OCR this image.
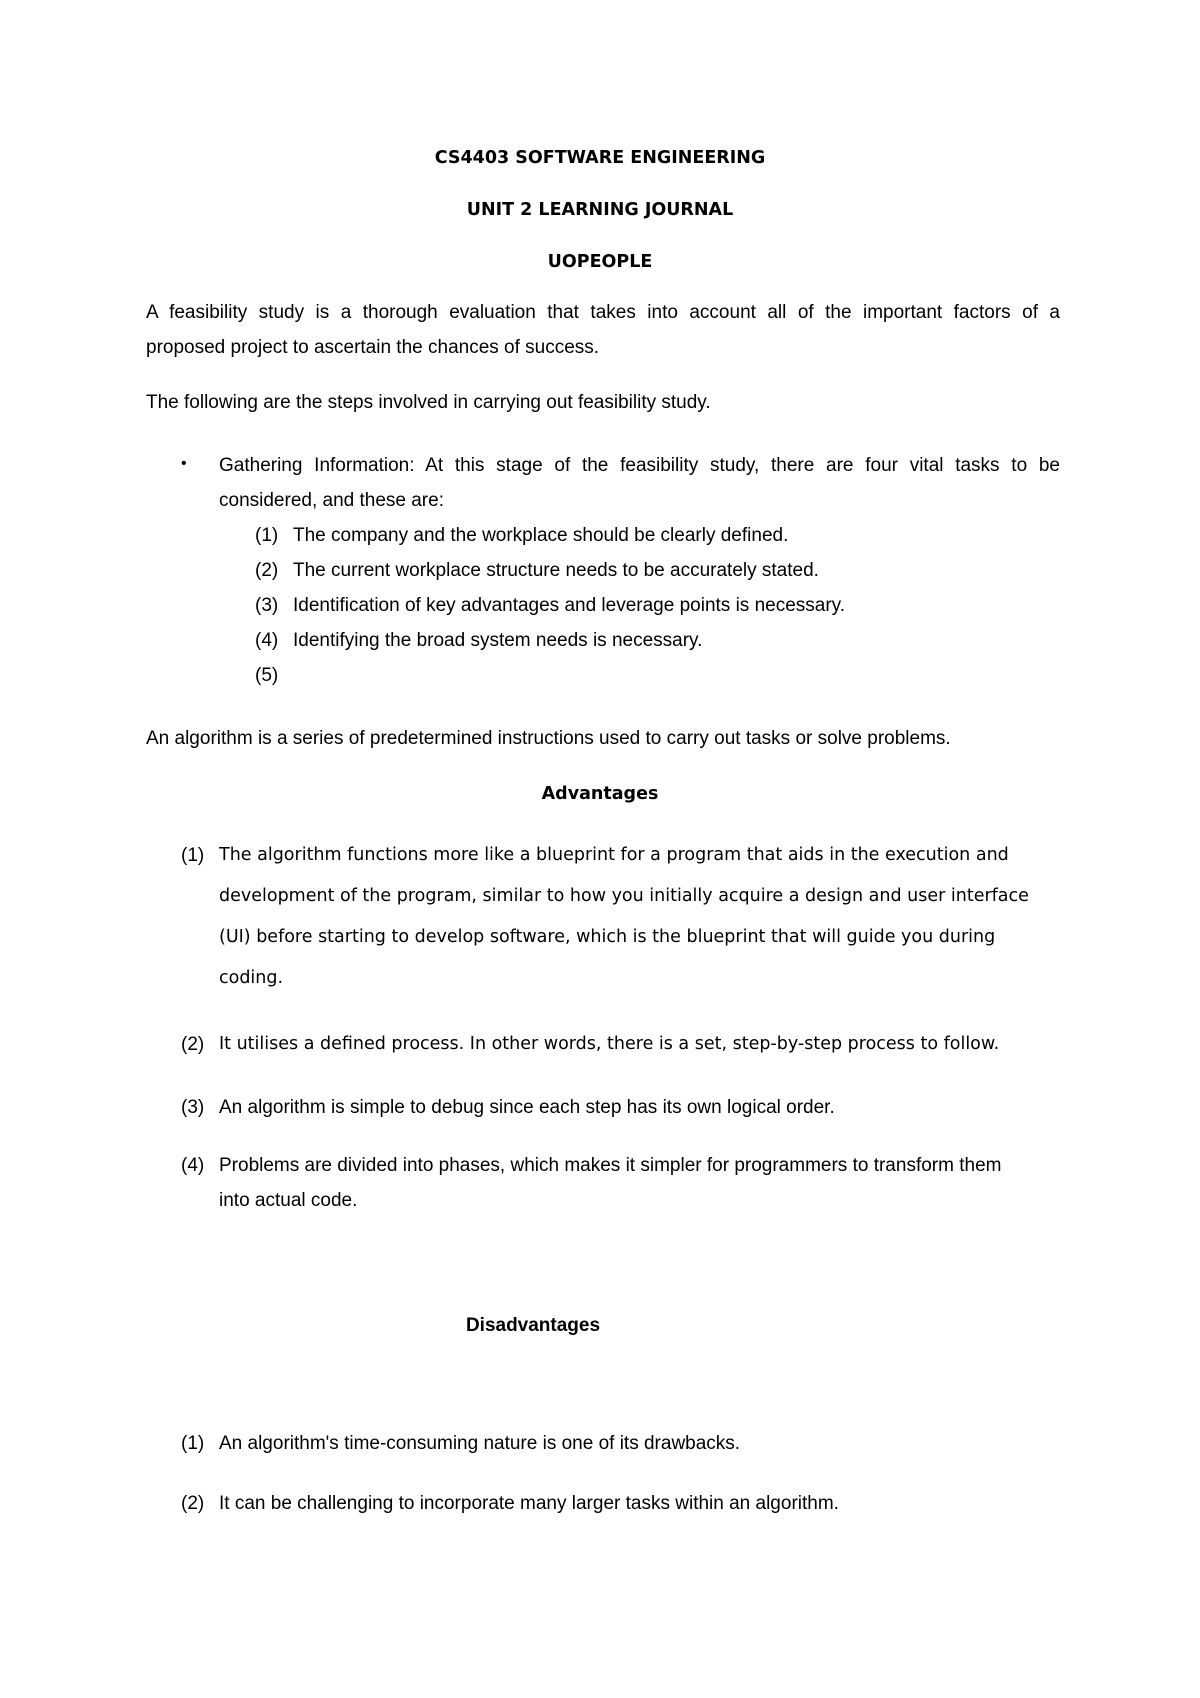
CS4403 SOFTWARE ENGINEERING
UNIT 2 LEARNING JOURNAL
UOPEOPLE
A feasibility study is a thorough evaluation that takes into account all of the important factors of a
proposed project to ascertain the chances of success.
The following are the steps involved in carrying out feasibility study.
• Gathering Information: At this stage of the feasibility study, there are four vital tasks to be
considered, and these are:
(1) The company and the workplace should be clearly defined.
(2) The current workplace structure needs to be accurately stated.
(3) Identification of key advantages and leverage points is necessary.
(4) Identifying the broad system needs is necessary.
(5)
An algorithm is a series of predetermined instructions used to carry out tasks or solve problems.
Advantages
(1) The algorithm functions more like a blueprint for a program that aids in the execution and
development of the program, similar to how you initially acquire a design and user interface
(UI) before starting to develop software, which is the blueprint that will guide you during
coding.
(2) It utilises a defined process. In other words, there is a set, step-by-step process to follow.
(3) An algorithm is simple to debug since each step has its own logical order.
(4) Problems are divided into phases, which makes it simpler for programmers to transform them
into actual code.
Disadvantages
(1) An algorithm's time-consuming nature is one of its drawbacks.
(2) It can be challenging to incorporate many larger tasks within an algorithm.
